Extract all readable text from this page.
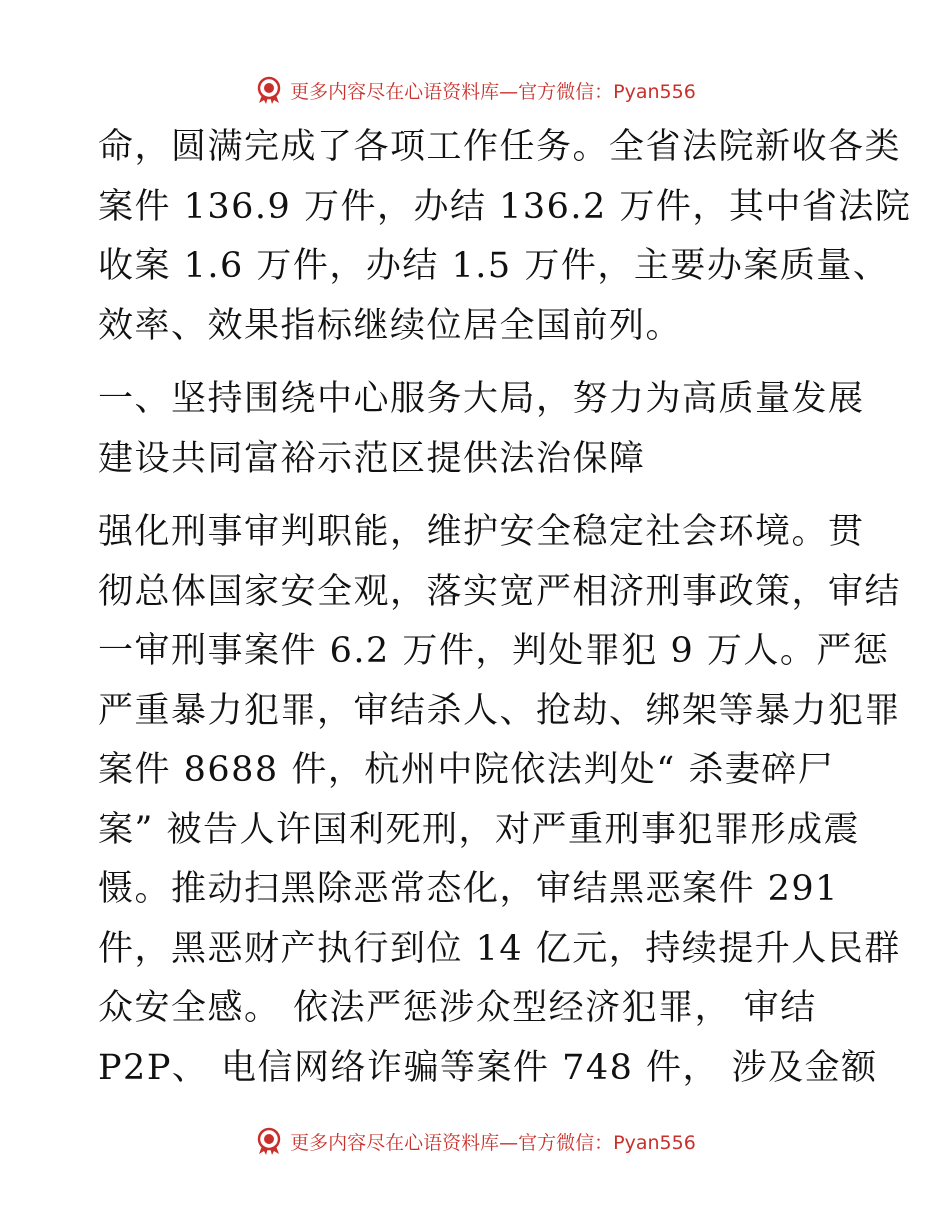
更多内容尽在心语资料库—官方微信：Pyan556

命，圆满完成了各项工作任务。全省法院新收各类
案件 136.9 万件，办结 136.2 万件，其中省法院
收案 1.6 万件，办结 1.5 万件，主要办案质量、
效率、效果指标继续位居全国前列。

一、坚持围绕中心服务大局，努力为高质量发展
建设共同富裕示范区提供法治保障

强化刑事审判职能，维护安全稳定社会环境。贯
彻总体国家安全观，落实宽严相济刑事政策，审结
一审刑事案件 6.2 万件，判处罪犯 9 万人。严惩
严重暴力犯罪，审结杀人、抢劫、绑架等暴力犯罪
案件 8688 件，杭州中院依法判处“ 杀妻碎尸
案” 被告人许国利死刑，对严重刑事犯罪形成震
慑。推动扫黑除恶常态化，审结黑恶案件 291
件，黑恶财产执行到位 14 亿元，持续提升人民群
众安全感。 依法严惩涉众型经济犯罪， 审结
P2P、 电信网络诈骗等案件 748 件， 涉及金额

更多内容尽在心语资料库—官方微信：Pyan556
